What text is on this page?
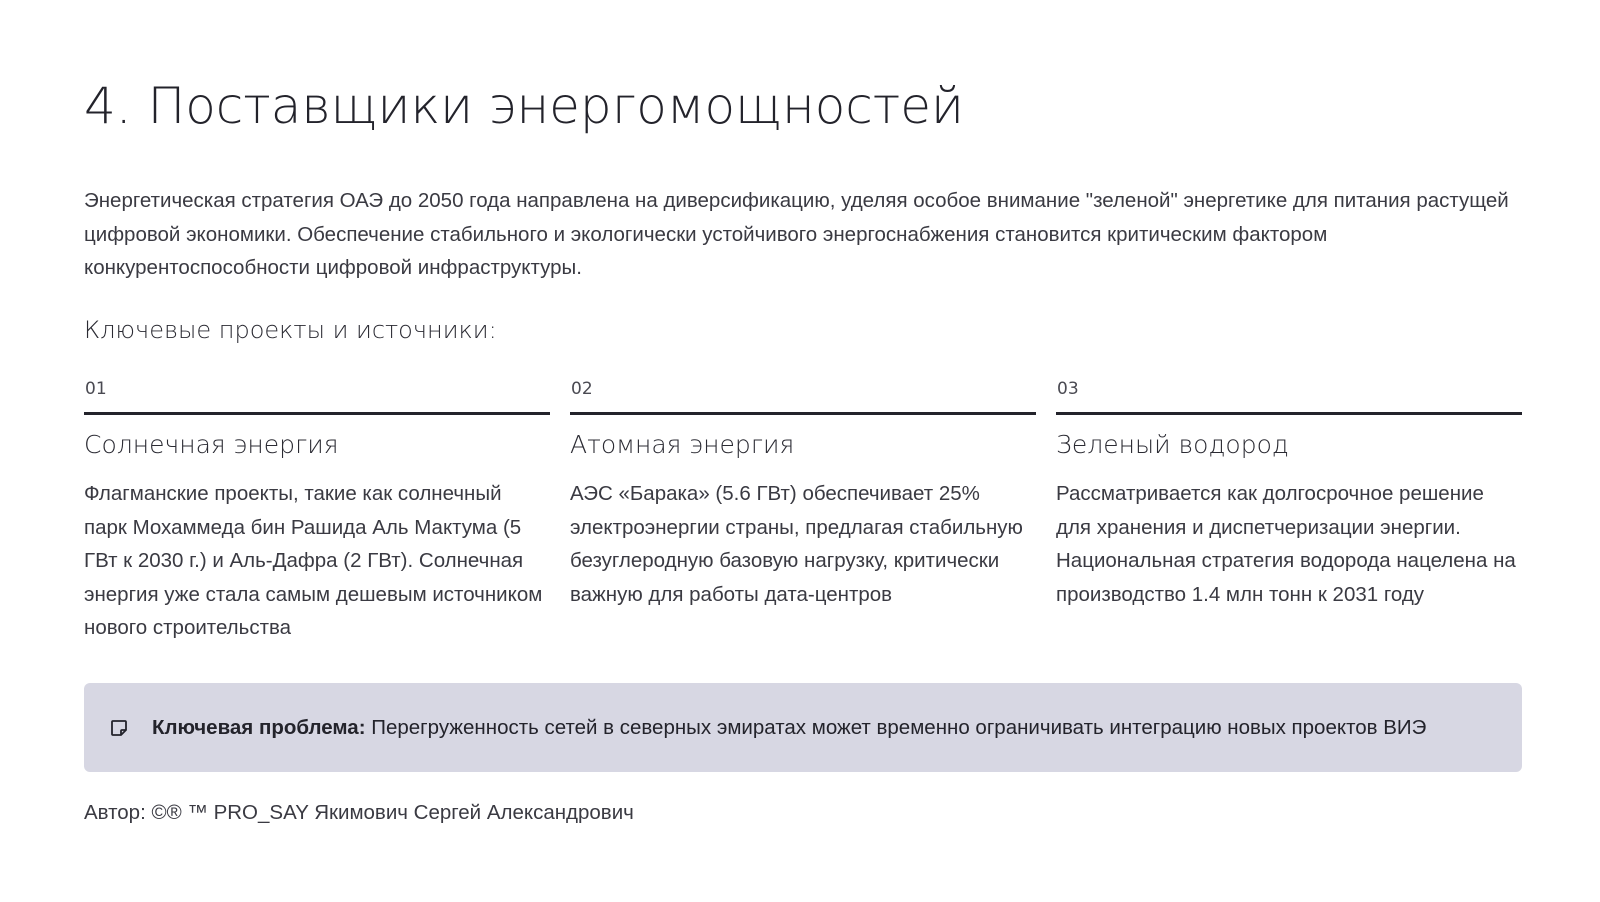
4. Поставщики энергомощностей

Энергетическая стратегия ОАЭ до 2050 года направлена на диверсификацию, уделяя особое внимание "зеленой" энергетике для питания растущей цифровой экономики. Обеспечение стабильного и экологически устойчивого энергоснабжения становится критическим фактором конкурентоспособности цифровой инфраструктуры.

Ключевые проекты и источники:
01
Солнечная энергия
Флагманские проекты, такие как солнечный парк Мохаммеда бин Рашида Аль Мактума (5 ГВт к 2030 г.) и Аль-Дафра (2 ГВт). Солнечная энергия уже стала самым дешевым источником нового строительства
02
Атомная энергия
АЭС «Барака» (5.6 ГВт) обеспечивает 25% электроэнергии страны, предлагая стабильную безуглеродную базовую нагрузку, критически важную для работы дата-центров
03
Зеленый водород
Рассматривается как долгосрочное решение для хранения и диспетчеризации энергии. Национальная стратегия водорода нацелена на производство 1.4 млн тонн к 2031 году
Ключевая проблема: Перегруженность сетей в северных эмиратах может временно ограничивать интеграцию новых проектов ВИЭ

Автор: ©® ™ PRO_SAY Якимович Сергей Александрович
